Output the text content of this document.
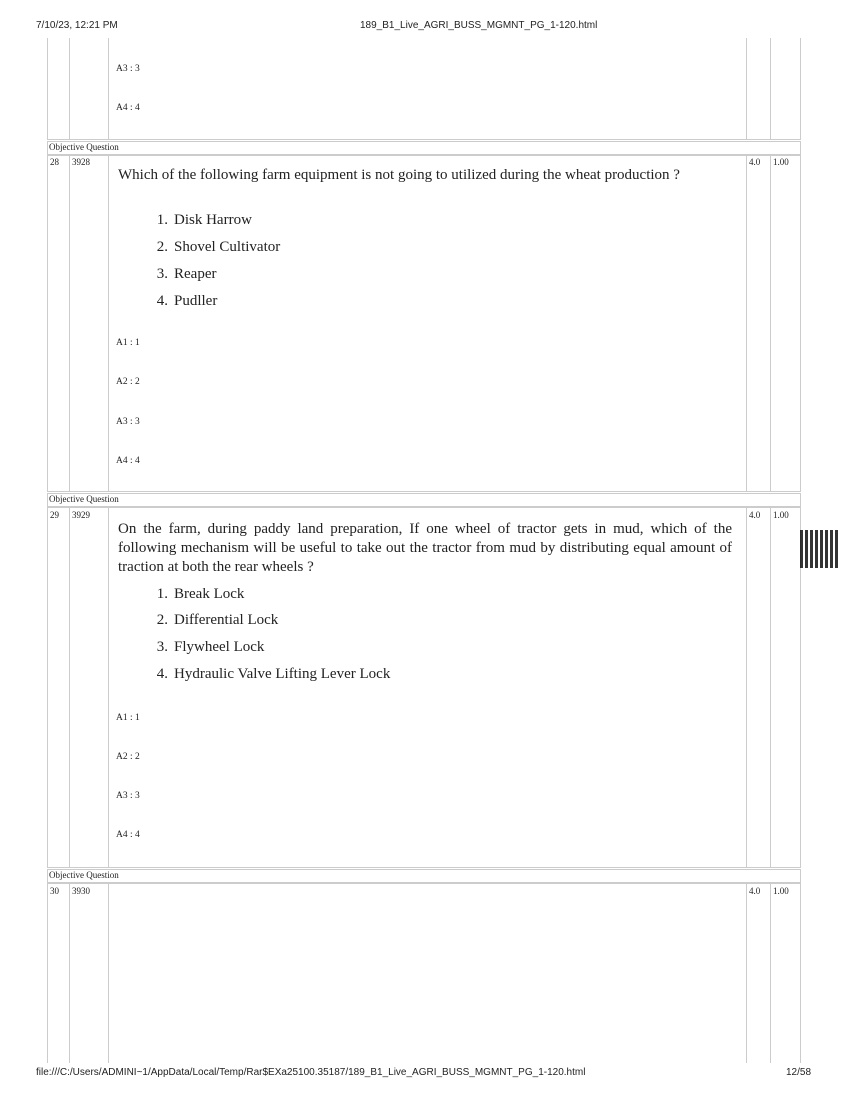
7/10/23, 12:21 PM	189_B1_Live_AGRI_BUSS_MGMNT_PG_1-120.html
A3 : 3
A4 : 4
Objective Question
28 3928	4.0 1.00
Which of the following farm equipment is not going to utilized during the wheat production ?
1. Disk Harrow
2. Shovel Cultivator
3. Reaper
4. Pudller
A1 : 1
A2 : 2
A3 : 3
A4 : 4
Objective Question
29 3929	4.0 1.00
On the farm, during paddy land preparation, If one wheel of tractor gets in mud, which of the following mechanism will be useful to take out the tractor from mud by distributing equal amount of traction at both the rear wheels ?
1. Break Lock
2. Differential Lock
3. Flywheel Lock
4. Hydraulic Valve Lifting Lever Lock
A1 : 1
A2 : 2
A3 : 3
A4 : 4
Objective Question
30 3930	4.0 1.00
file:///C:/Users/ADMINI~1/AppData/Local/Temp/Rar$EXa25100.35187/189_B1_Live_AGRI_BUSS_MGMNT_PG_1-120.html	12/58
